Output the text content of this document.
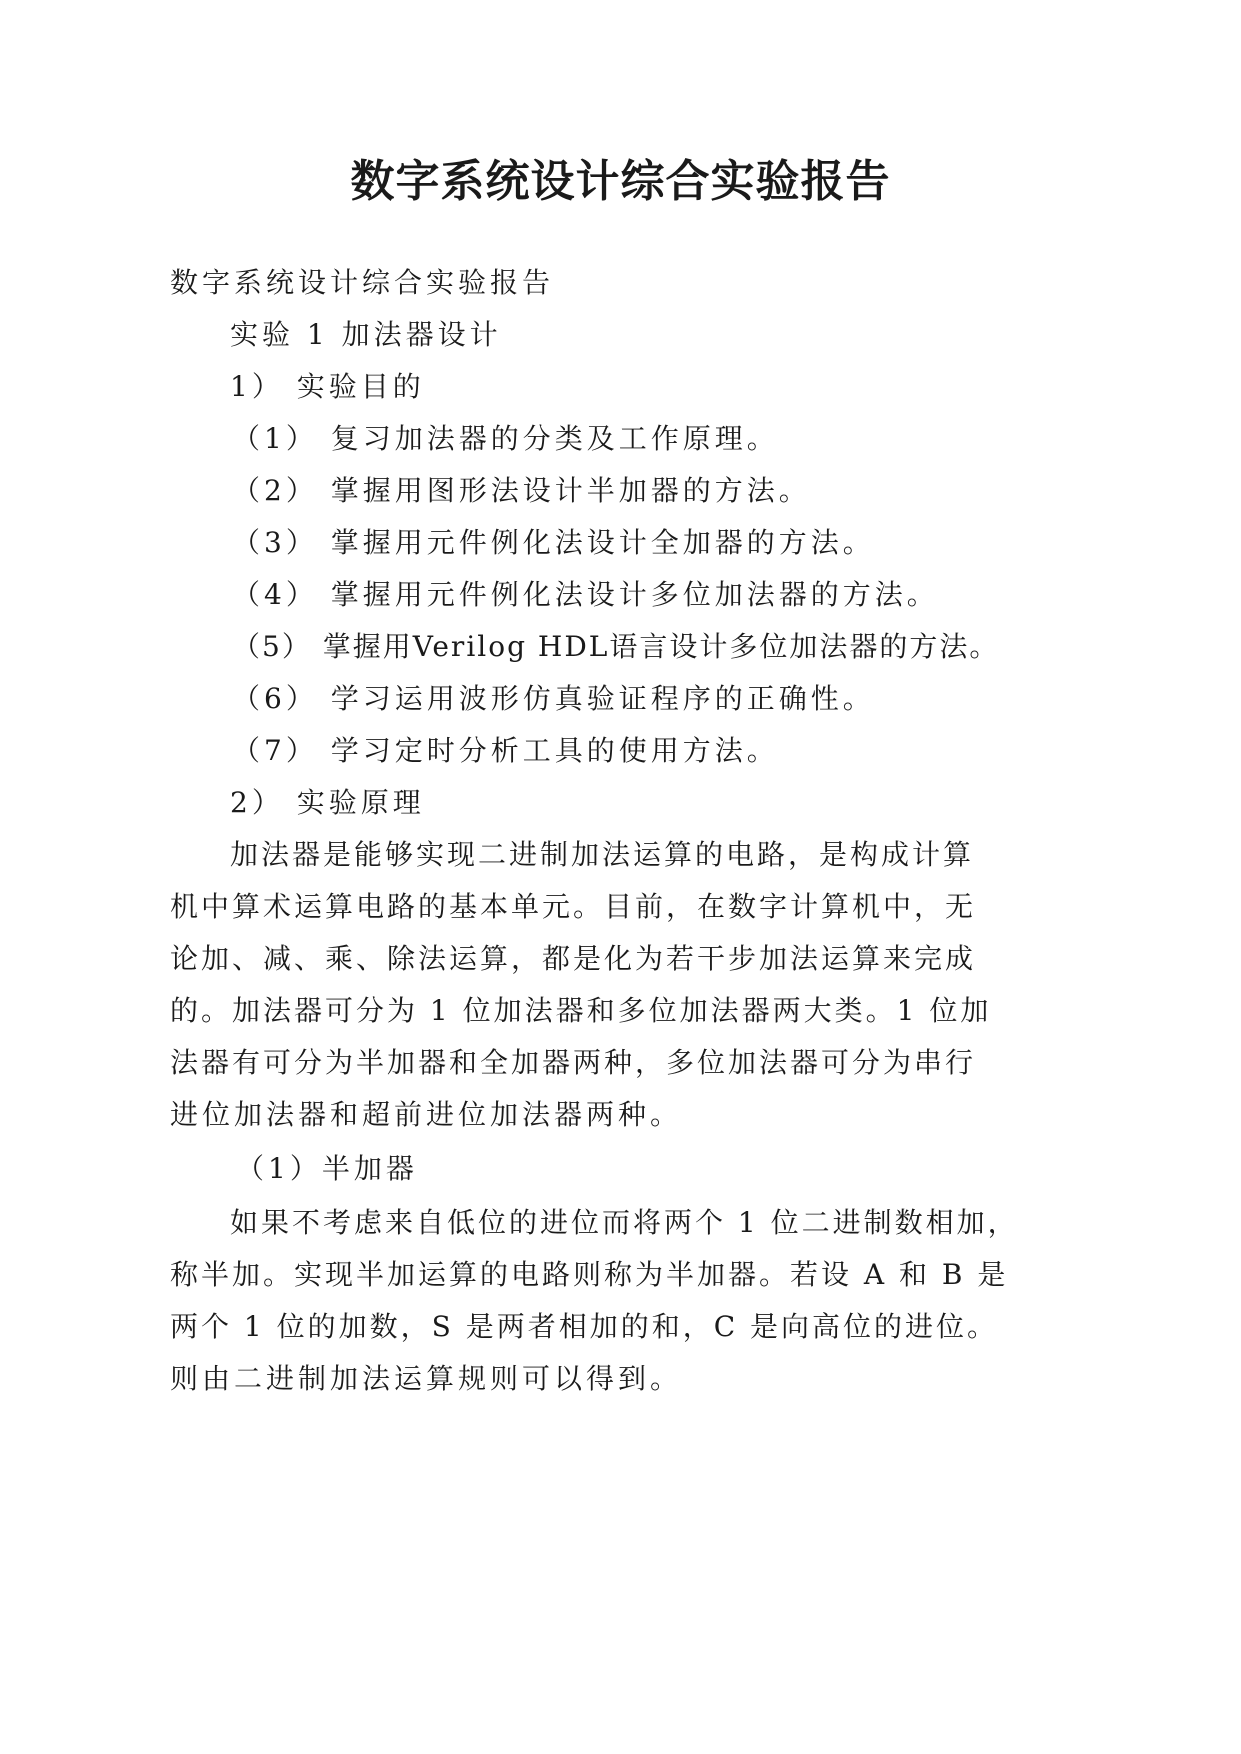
数字系统设计综合实验报告

数字系统设计综合实验报告

实验 1 加法器设计

1） 实验目的

（1） 复习加法器的分类及工作原理。

（2） 掌握用图形法设计半加器的方法。

（3） 掌握用元件例化法设计全加器的方法。

（4） 掌握用元件例化法设计多位加法器的方法。

（5） 掌握用Verilog HDL语言设计多位加法器的方法。

（6） 学习运用波形仿真验证程序的正确性。

（7） 学习定时分析工具的使用方法。

2） 实验原理

加法器是能够实现二进制加法运算的电路，是构成计算

机中算术运算电路的基本单元。目前，在数字计算机中，无

论加、减、乘、除法运算，都是化为若干步加法运算来完成

的。加法器可分为 1 位加法器和多位加法器两大类。1 位加

法器有可分为半加器和全加器两种，多位加法器可分为串行

进位加法器和超前进位加法器两种。

（1）半加器

如果不考虑来自低位的进位而将两个 1 位二进制数相加，

称半加。实现半加运算的电路则称为半加器。若设 A 和 B 是

两个 1 位的加数，S 是两者相加的和，C 是向高位的进位。

则由二进制加法运算规则可以得到。
